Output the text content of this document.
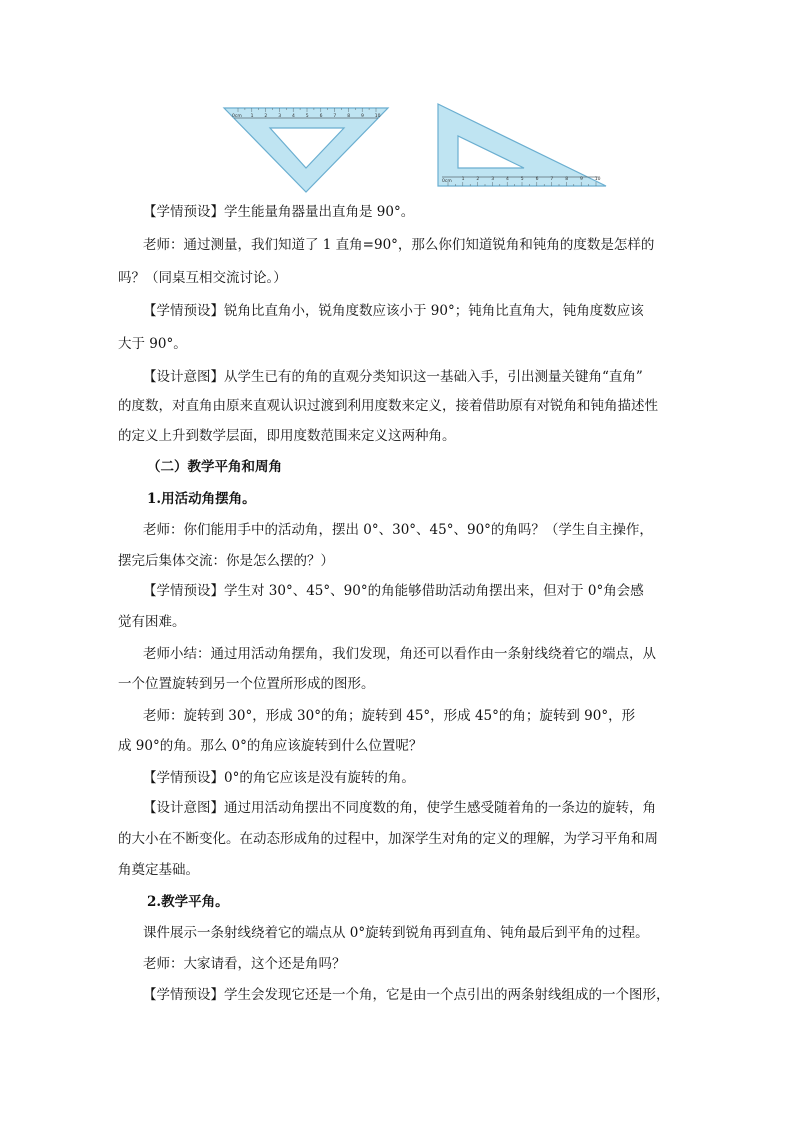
1 2 3 4 5 6 7 8 9 10
0cm
1	2	3	4	5	6	7	8	9	10
0cm

【学情预设】学生能量角器量出直角是 90°。

老师：通过测量，我们知道了 1 直角=90°，那么你们知道锐角和钝角的度数是怎样的

吗？（同桌互相交流讨论。）

【学情预设】锐角比直角小，锐角度数应该小于 90°；钝角比直角大，钝角度数应该

大于 90°。

【设计意图】从学生已有的角的直观分类知识这一基础入手，引出测量关键角“直角”

的度数，对直角由原来直观认识过渡到利用度数来定义，接着借助原有对锐角和钝角描述性

的定义上升到数学层面，即用度数范围来定义这两种角。

（二）教学平角和周角

1.用活动角摆角。

老师：你们能用手中的活动角，摆出 0°、30°、45°、90°的角吗？（学生自主操作，

摆完后集体交流：你是怎么摆的？）

【学情预设】学生对 30°、45°、90°的角能够借助活动角摆出来，但对于 0°角会感

觉有困难。

老师小结：通过用活动角摆角，我们发现，角还可以看作由一条射线绕着它的端点，从

一个位置旋转到另一个位置所形成的图形。

老师：旋转到 30°，形成 30°的角；旋转到 45°，形成 45°的角；旋转到 90°，形

成 90°的角。那么 0°的角应该旋转到什么位置呢？

【学情预设】0°的角它应该是没有旋转的角。

【设计意图】通过用活动角摆出不同度数的角，使学生感受随着角的一条边的旋转，角

的大小在不断变化。在动态形成角的过程中，加深学生对角的定义的理解，为学习平角和周

角奠定基础。

2.教学平角。

课件展示一条射线绕着它的端点从 0°旋转到锐角再到直角、钝角最后到平角的过程。

老师：大家请看，这个还是角吗？

【学情预设】学生会发现它还是一个角，它是由一个点引出的两条射线组成的一个图形，
